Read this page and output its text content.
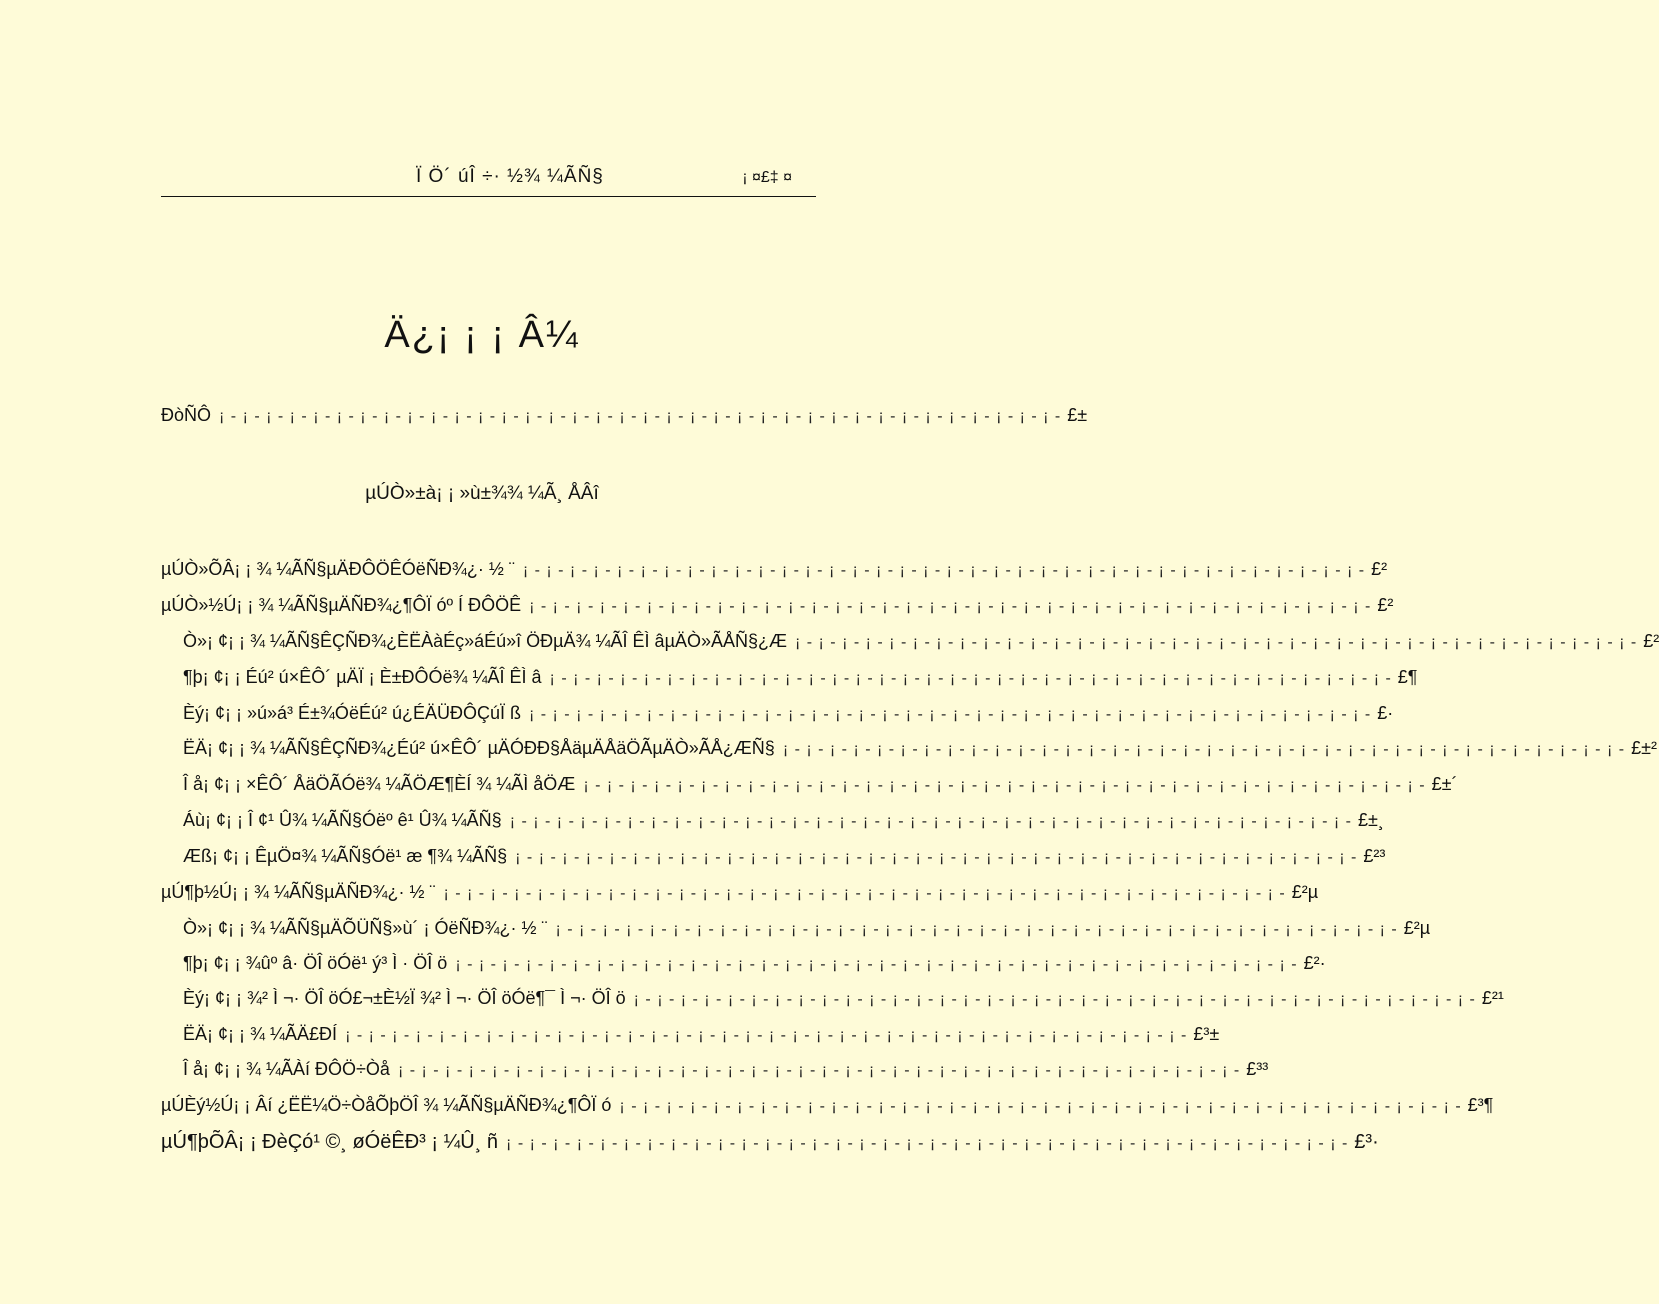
Ï Ö´ úÎ ÷· ½¾ ¼ÃÑ§	¡ ¤£‡ ¤
Ä¿¡ ¡ ¡ Â¼
ÐòÑÔ ¡ - ¡ - ¡ - ¡ - ¡ - ¡ - ¡ - ¡ - ¡ - ¡ - ¡ - ¡ - ¡ - ¡ - ¡ - ¡ - ¡ - ¡ - ¡ - ¡ - ¡ - ¡ - ¡ - ¡ - ¡ - ¡ - ¡ - ¡ - ¡ - ¡ - ¡ - ¡ - ¡ - ¡ - ¡ - ¡ - £±
µÚÒ»±à¡ ¡ »ù±¾¾ ¼Ã¸ ÅÂî
µÚÒ»ÕÂ¡ ¡ ¾ ¼ÃÑ§µÄÐÔÖÊÓëÑÐ¾¿· ½ ¨ ¡ - ¡ - ¡ - ¡ - ¡ - ¡ - ¡ - ¡ - ¡ - ¡ - ¡ - ¡ - ¡ - ¡ - ¡ - ¡ - ¡ - ¡ - ¡ - ¡ - ¡ - ¡ - ¡ - ¡ - ¡ - ¡ - ¡ - ¡ - ¡ - ¡ - ¡ - ¡ - ¡ - ¡ - ¡ - ¡ - £²
µÚÒ»½Ú¡ ¡ ¾ ¼ÃÑ§µÄÑÐ¾¿¶ÔÏ óº Í ÐÔÖÊ ¡ - ¡ - ¡ - ¡ - ¡ - ¡ - ¡ - ¡ - ¡ - ¡ - ¡ - ¡ - ¡ - ¡ - ¡ - ¡ - ¡ - ¡ - ¡ - ¡ - ¡ - ¡ - ¡ - ¡ - ¡ - ¡ - ¡ - ¡ - ¡ - ¡ - ¡ - ¡ - ¡ - ¡ - ¡ - ¡ - £²
Ò»¡ ¢¡ ¡ ¾ ¼ÃÑ§ÊÇÑÐ¾¿ÈËÀàÉç»áÉú»î ÖÐµÄ¾ ¼ÃÎ ÊÌ âµÄÒ»ÃÅÑ§¿Æ ¡ - ¡ - ¡ - ¡ - ¡ - ¡ - ¡ - ¡ - ¡ - ¡ - ¡ - ¡ - ¡ - ¡ - ¡ - ¡ - ¡ - ¡ - ¡ - ¡ - ¡ - ¡ - ¡ - ¡ - ¡ - ¡ - ¡ - ¡ - ¡ - ¡ - ¡ - ¡ - ¡ - ¡ - ¡ - ¡ - £²
¶þ¡ ¢¡ ¡ Éú² ú×ÊÔ´ µÄÏ ¡ È±ÐÔÓë¾ ¼ÃÎ ÊÌ â ¡ - ¡ - ¡ - ¡ - ¡ - ¡ - ¡ - ¡ - ¡ - ¡ - ¡ - ¡ - ¡ - ¡ - ¡ - ¡ - ¡ - ¡ - ¡ - ¡ - ¡ - ¡ - ¡ - ¡ - ¡ - ¡ - ¡ - ¡ - ¡ - ¡ - ¡ - ¡ - ¡ - ¡ - ¡ - ¡ - £¶
Èý¡ ¢¡ ¡ »ú»á³ É±¾ÓëÉú² ú¿ÉÄÜÐÔÇúÏ ß ¡ - ¡ - ¡ - ¡ - ¡ - ¡ - ¡ - ¡ - ¡ - ¡ - ¡ - ¡ - ¡ - ¡ - ¡ - ¡ - ¡ - ¡ - ¡ - ¡ - ¡ - ¡ - ¡ - ¡ - ¡ - ¡ - ¡ - ¡ - ¡ - ¡ - ¡ - ¡ - ¡ - ¡ - ¡ - ¡ - £·
ËÄ¡ ¢¡ ¡ ¾ ¼ÃÑ§ÊÇÑÐ¾¿Éú² ú×ÊÔ´ µÄÓÐÐ§ÅäµÄÅäÖÃµÄÒ»ÃÅ¿ÆÑ§ ¡ - ¡ - ¡ - ¡ - ¡ - ¡ - ¡ - ¡ - ¡ - ¡ - ¡ - ¡ - ¡ - ¡ - ¡ - ¡ - ¡ - ¡ - ¡ - ¡ - ¡ - ¡ - ¡ - ¡ - ¡ - ¡ - ¡ - ¡ - ¡ - ¡ - ¡ - ¡ - ¡ - ¡ - ¡ - ¡ - £±²
Î å¡ ¢¡ ¡ ×ÊÔ´ ÅäÖÃÓë¾ ¼ÃÖÆ¶ÈÍ ¾ ¼ÃÌ åÖÆ ¡ - ¡ - ¡ - ¡ - ¡ - ¡ - ¡ - ¡ - ¡ - ¡ - ¡ - ¡ - ¡ - ¡ - ¡ - ¡ - ¡ - ¡ - ¡ - ¡ - ¡ - ¡ - ¡ - ¡ - ¡ - ¡ - ¡ - ¡ - ¡ - ¡ - ¡ - ¡ - ¡ - ¡ - ¡ - ¡ - £±´
Áù¡ ¢¡ ¡ Î ¢¹ Û¾ ¼ÃÑ§Óëº ê¹ Û¾ ¼ÃÑ§ ¡ - ¡ - ¡ - ¡ - ¡ - ¡ - ¡ - ¡ - ¡ - ¡ - ¡ - ¡ - ¡ - ¡ - ¡ - ¡ - ¡ - ¡ - ¡ - ¡ - ¡ - ¡ - ¡ - ¡ - ¡ - ¡ - ¡ - ¡ - ¡ - ¡ - ¡ - ¡ - ¡ - ¡ - ¡ - ¡ - £±¸
Æß¡ ¢¡ ¡ ÊµÖ¤¾ ¼ÃÑ§Óë¹ æ ¶¾ ¼ÃÑ§ ¡ - ¡ - ¡ - ¡ - ¡ - ¡ - ¡ - ¡ - ¡ - ¡ - ¡ - ¡ - ¡ - ¡ - ¡ - ¡ - ¡ - ¡ - ¡ - ¡ - ¡ - ¡ - ¡ - ¡ - ¡ - ¡ - ¡ - ¡ - ¡ - ¡ - ¡ - ¡ - ¡ - ¡ - ¡ - ¡ - £²³
µÚ¶þ½Ú¡ ¡ ¾ ¼ÃÑ§µÄÑÐ¾¿· ½ ¨ ¡ - ¡ - ¡ - ¡ - ¡ - ¡ - ¡ - ¡ - ¡ - ¡ - ¡ - ¡ - ¡ - ¡ - ¡ - ¡ - ¡ - ¡ - ¡ - ¡ - ¡ - ¡ - ¡ - ¡ - ¡ - ¡ - ¡ - ¡ - ¡ - ¡ - ¡ - ¡ - ¡ - ¡ - ¡ - ¡ - £²µ
Ò»¡ ¢¡ ¡ ¾ ¼ÃÑ§µÄÕÜÑ§»ù´ ¡ ÓëÑÐ¾¿· ½ ¨ ¡ - ¡ - ¡ - ¡ - ¡ - ¡ - ¡ - ¡ - ¡ - ¡ - ¡ - ¡ - ¡ - ¡ - ¡ - ¡ - ¡ - ¡ - ¡ - ¡ - ¡ - ¡ - ¡ - ¡ - ¡ - ¡ - ¡ - ¡ - ¡ - ¡ - ¡ - ¡ - ¡ - ¡ - ¡ - ¡ - £²µ
¶þ¡ ¢¡ ¡ ¾ûº â· ÖÎ öÓë¹ ý³ Ì · ÖÎ ö ¡ - ¡ - ¡ - ¡ - ¡ - ¡ - ¡ - ¡ - ¡ - ¡ - ¡ - ¡ - ¡ - ¡ - ¡ - ¡ - ¡ - ¡ - ¡ - ¡ - ¡ - ¡ - ¡ - ¡ - ¡ - ¡ - ¡ - ¡ - ¡ - ¡ - ¡ - ¡ - ¡ - ¡ - ¡ - ¡ - £²·
Èý¡ ¢¡ ¡ ¾² Ì ¬· ÖÎ öÓ£¬±È½Ï ¾² Ì ¬· ÖÎ öÓë¶¯ Ì ¬· ÖÎ ö ¡ - ¡ - ¡ - ¡ - ¡ - ¡ - ¡ - ¡ - ¡ - ¡ - ¡ - ¡ - ¡ - ¡ - ¡ - ¡ - ¡ - ¡ - ¡ - ¡ - ¡ - ¡ - ¡ - ¡ - ¡ - ¡ - ¡ - ¡ - ¡ - ¡ - ¡ - ¡ - ¡ - ¡ - ¡ - ¡ - £²¹
ËÄ¡ ¢¡ ¡ ¾ ¼ÃÄ£ÐÍ ¡ - ¡ - ¡ - ¡ - ¡ - ¡ - ¡ - ¡ - ¡ - ¡ - ¡ - ¡ - ¡ - ¡ - ¡ - ¡ - ¡ - ¡ - ¡ - ¡ - ¡ - ¡ - ¡ - ¡ - ¡ - ¡ - ¡ - ¡ - ¡ - ¡ - ¡ - ¡ - ¡ - ¡ - ¡ - ¡ - £³±
Î å¡ ¢¡ ¡ ¾ ¼ÃÀí ÐÔÖ÷Òå ¡ - ¡ - ¡ - ¡ - ¡ - ¡ - ¡ - ¡ - ¡ - ¡ - ¡ - ¡ - ¡ - ¡ - ¡ - ¡ - ¡ - ¡ - ¡ - ¡ - ¡ - ¡ - ¡ - ¡ - ¡ - ¡ - ¡ - ¡ - ¡ - ¡ - ¡ - ¡ - ¡ - ¡ - ¡ - ¡ - £³³
µÚÈý½Ú¡ ¡ Âí ¿ËË¼Ö÷ÒåÕþÖÎ ¾ ¼ÃÑ§µÄÑÐ¾¿¶ÔÏ ó ¡ - ¡ - ¡ - ¡ - ¡ - ¡ - ¡ - ¡ - ¡ - ¡ - ¡ - ¡ - ¡ - ¡ - ¡ - ¡ - ¡ - ¡ - ¡ - ¡ - ¡ - ¡ - ¡ - ¡ - ¡ - ¡ - ¡ - ¡ - ¡ - ¡ - ¡ - ¡ - ¡ - ¡ - ¡ - ¡ - £³¶
µÚ¶þÕÂ¡ ¡ ÐèÇó¹ ©¸ øÓëÊÐ³ ¡ ¼Û¸ ñ ¡ - ¡ - ¡ - ¡ - ¡ - ¡ - ¡ - ¡ - ¡ - ¡ - ¡ - ¡ - ¡ - ¡ - ¡ - ¡ - ¡ - ¡ - ¡ - ¡ - ¡ - ¡ - ¡ - ¡ - ¡ - ¡ - ¡ - ¡ - ¡ - ¡ - ¡ - ¡ - ¡ - ¡ - ¡ - ¡ - £³·
